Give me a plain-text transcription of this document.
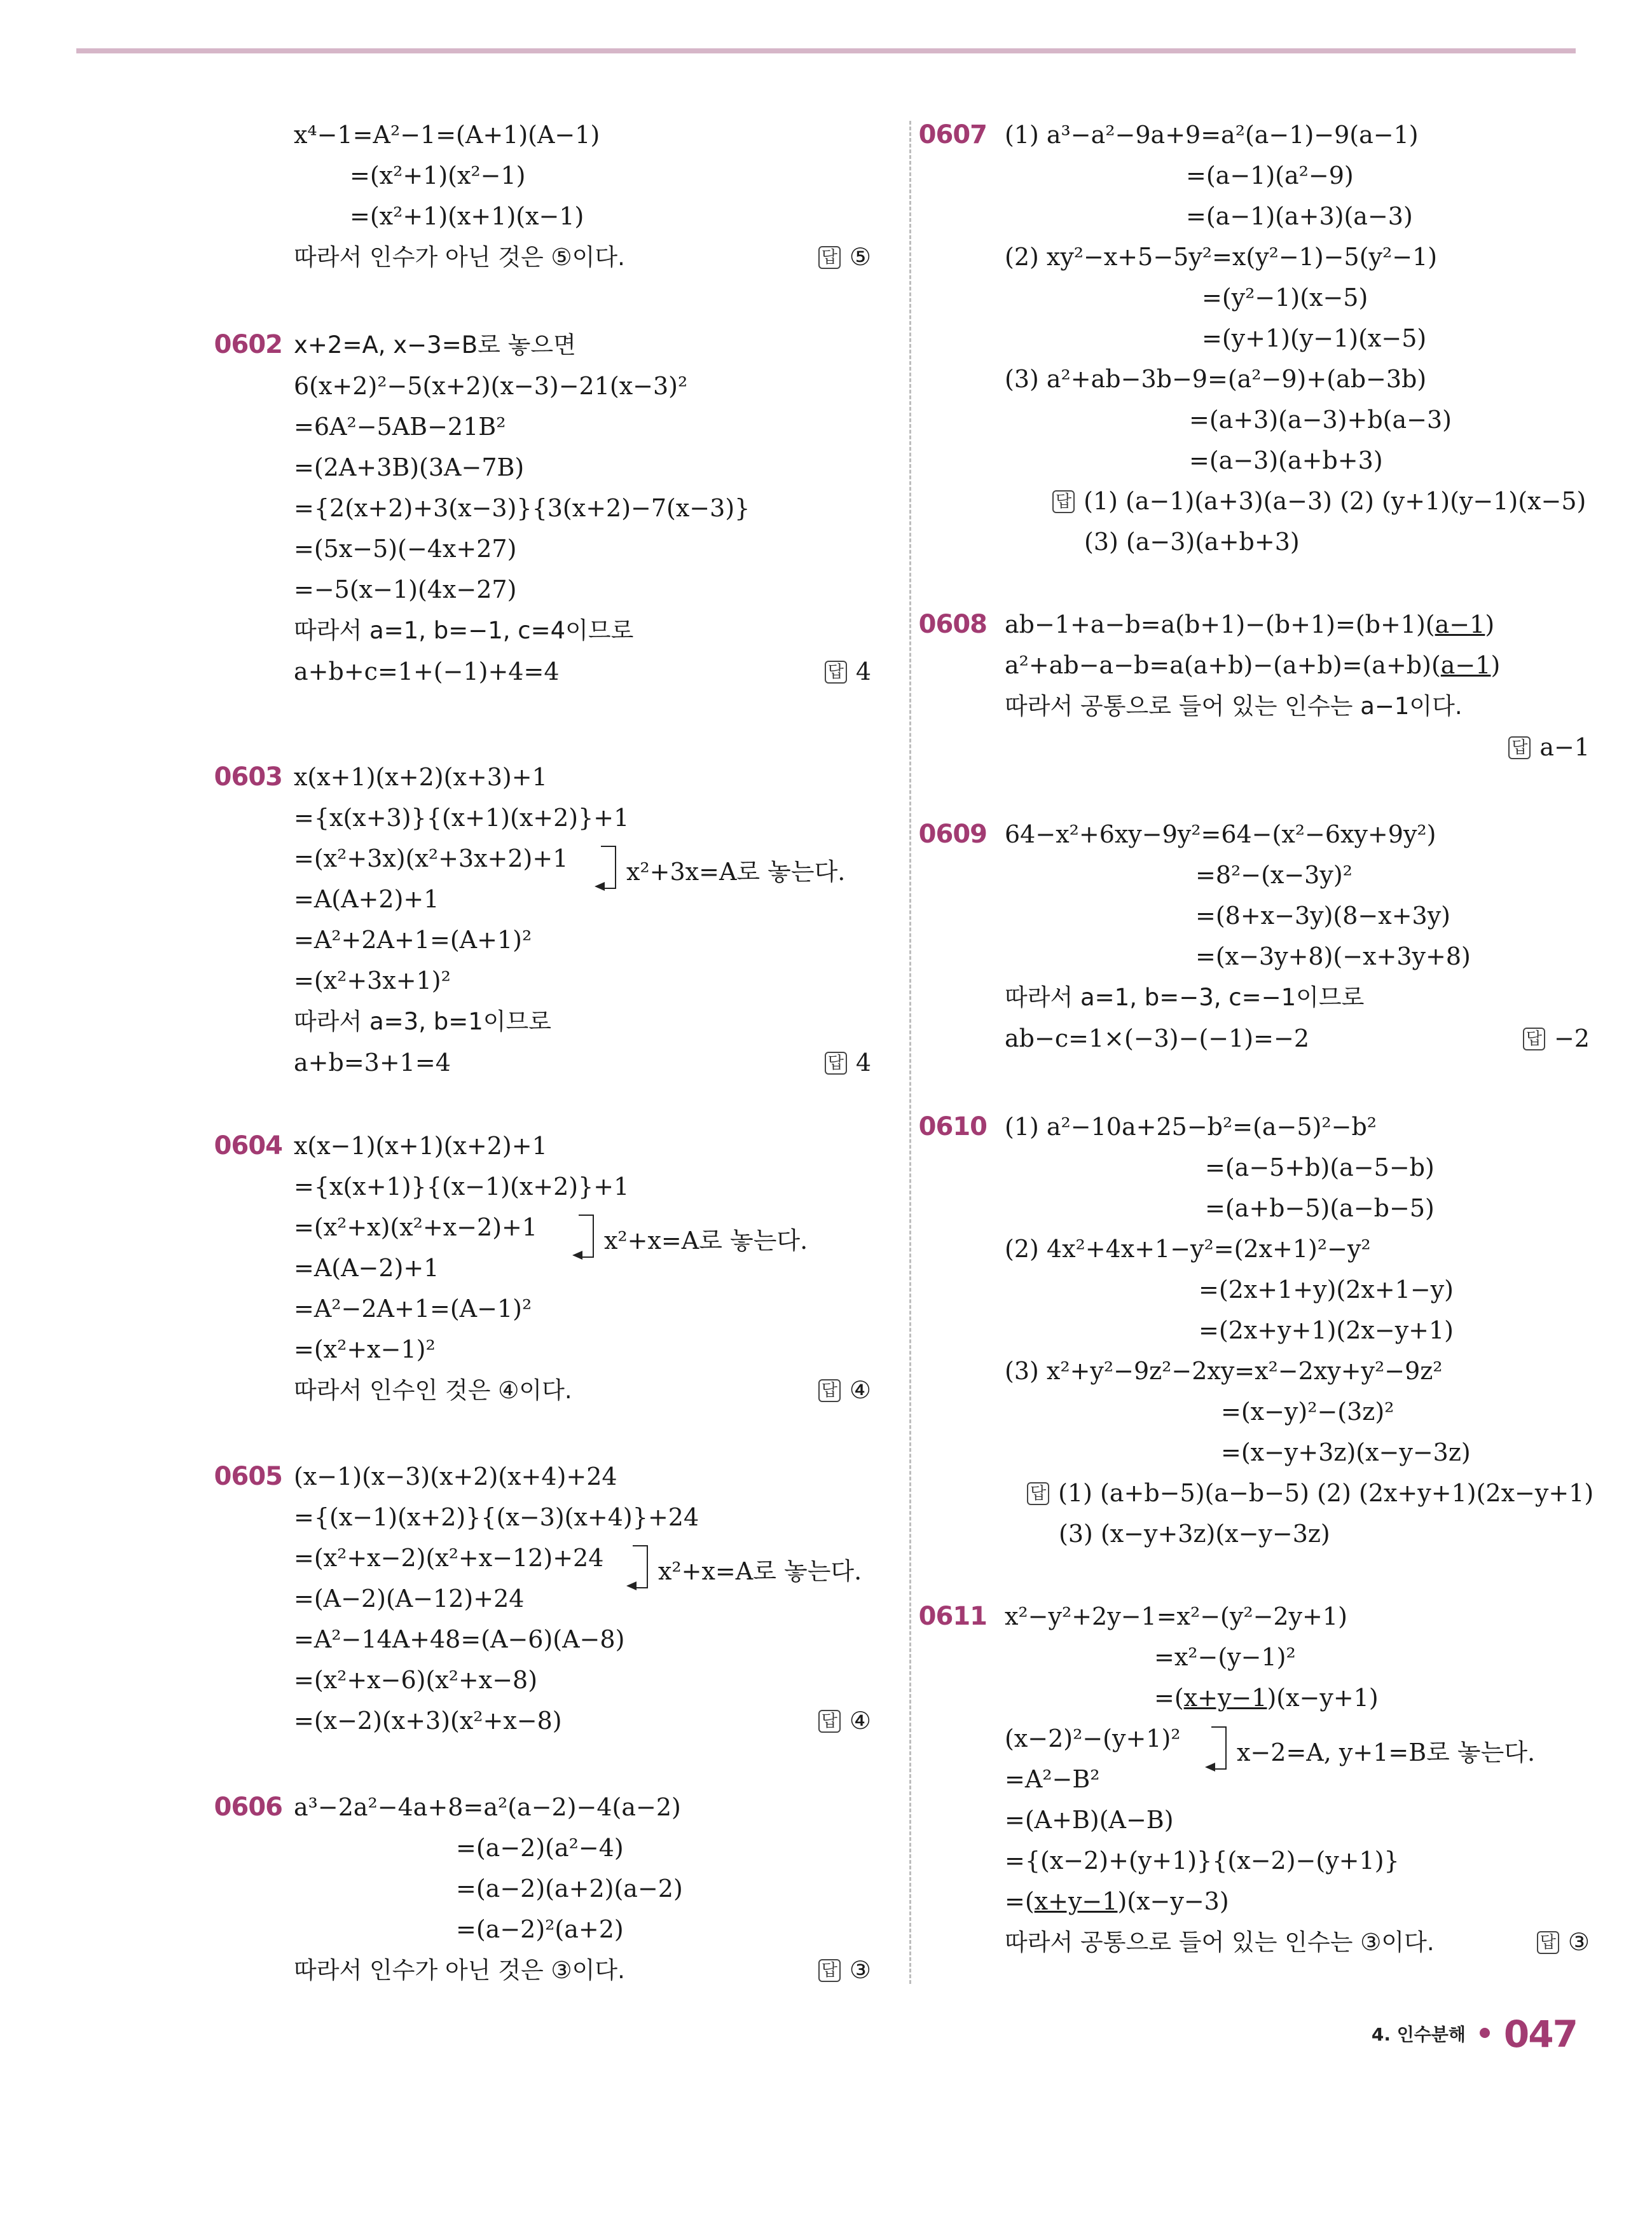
x⁴−1=A²−1=(A+1)(A−1)
=(x²+1)(x²−1)
=(x²+1)(x+1)(x−1)
따라서 인수가 아닌 것은 ⑤이다.	답 ⑤
0602 x+2=A, x−3=B로 놓으면
6(x+2)²−5(x+2)(x−3)−21(x−3)²
=6A²−5AB−21B²
=(2A+3B)(3A−7B)
={2(x+2)+3(x−3)}{3(x+2)−7(x−3)}
=(5x−5)(−4x+27)
=−5(x−1)(4x−27)
따라서 a=1, b=−1, c=4이므로
a+b+c=1+(−1)+4=4	답 4
0603 x(x+1)(x+2)(x+3)+1
={x(x+3)}{(x+1)(x+2)}+1
=(x²+3x)(x²+3x+2)+1
=A(A+2)+1
=A²+2A+1=(A+1)²
=(x²+3x+1)²
따라서 a=3, b=1이므로
a+b=3+1=4	답 4
x²+3x=A로 놓는다.
0604 x(x−1)(x+1)(x+2)+1
={x(x+1)}{(x−1)(x+2)}+1
=(x²+x)(x²+x−2)+1
=A(A−2)+1
=A²−2A+1=(A−1)²
=(x²+x−1)²
따라서 인수인 것은 ④이다.	답 ④
x²+x=A로 놓는다.
0605 (x−1)(x−3)(x+2)(x+4)+24
={(x−1)(x+2)}{(x−3)(x+4)}+24
=(x²+x−2)(x²+x−12)+24
=(A−2)(A−12)+24
=A²−14A+48=(A−6)(A−8)
=(x²+x−6)(x²+x−8)
=(x−2)(x+3)(x²+x−8)	답 ④
x²+x=A로 놓는다.
0606 a³−2a²−4a+8=a²(a−2)−4(a−2)
=(a−2)(a²−4)
=(a−2)(a+2)(a−2)
=(a−2)²(a+2)
따라서 인수가 아닌 것은 ③이다.	답 ③
0607 (1) a³−a²−9a+9=a²(a−1)−9(a−1)
=(a−1)(a²−9)
=(a−1)(a+3)(a−3)
(2) xy²−x+5−5y²=x(y²−1)−5(y²−1)
=(y²−1)(x−5)
=(y+1)(y−1)(x−5)
(3) a²+ab−3b−9=(a²−9)+(ab−3b)
=(a+3)(a−3)+b(a−3)
=(a−3)(a+b+3)
답 (1) (a−1)(a+3)(a−3) (2) (y+1)(y−1)(x−5)
(3) (a−3)(a+b+3)
0608 ab−1+a−b=a(b+1)−(b+1)=(b+1)(a−1)
a²+ab−a−b=a(a+b)−(a+b)=(a+b)(a−1)
따라서 공통으로 들어 있는 인수는 a−1이다.
답 a−1
0609 64−x²+6xy−9y²=64−(x²−6xy+9y²)
=8²−(x−3y)²
=(8+x−3y)(8−x+3y)
=(x−3y+8)(−x+3y+8)
따라서 a=1, b=−3, c=−1이므로
ab−c=1×(−3)−(−1)=−2	답 −2
0610 (1) a²−10a+25−b²=(a−5)²−b²
=(a−5+b)(a−5−b)
=(a+b−5)(a−b−5)
(2) 4x²+4x+1−y²=(2x+1)²−y²
=(2x+1+y)(2x+1−y)
=(2x+y+1)(2x−y+1)
(3) x²+y²−9z²−2xy=x²−2xy+y²−9z²
=(x−y)²−(3z)²
=(x−y+3z)(x−y−3z)
답 (1) (a+b−5)(a−b−5) (2) (2x+y+1)(2x−y+1)
(3) (x−y+3z)(x−y−3z)
0611 x²−y²+2y−1=x²−(y²−2y+1)
=x²−(y−1)²
=(x+y−1)(x−y+1)
(x−2)²−(y+1)²
=A²−B²
=(A+B)(A−B)
={(x−2)+(y+1)}{(x−2)−(y+1)}
=(x+y−1)(x−y−3)
따라서 공통으로 들어 있는 인수는 ③이다.	답 ③
x−2=A, y+1=B로 놓는다.
4. 인수분해 047
